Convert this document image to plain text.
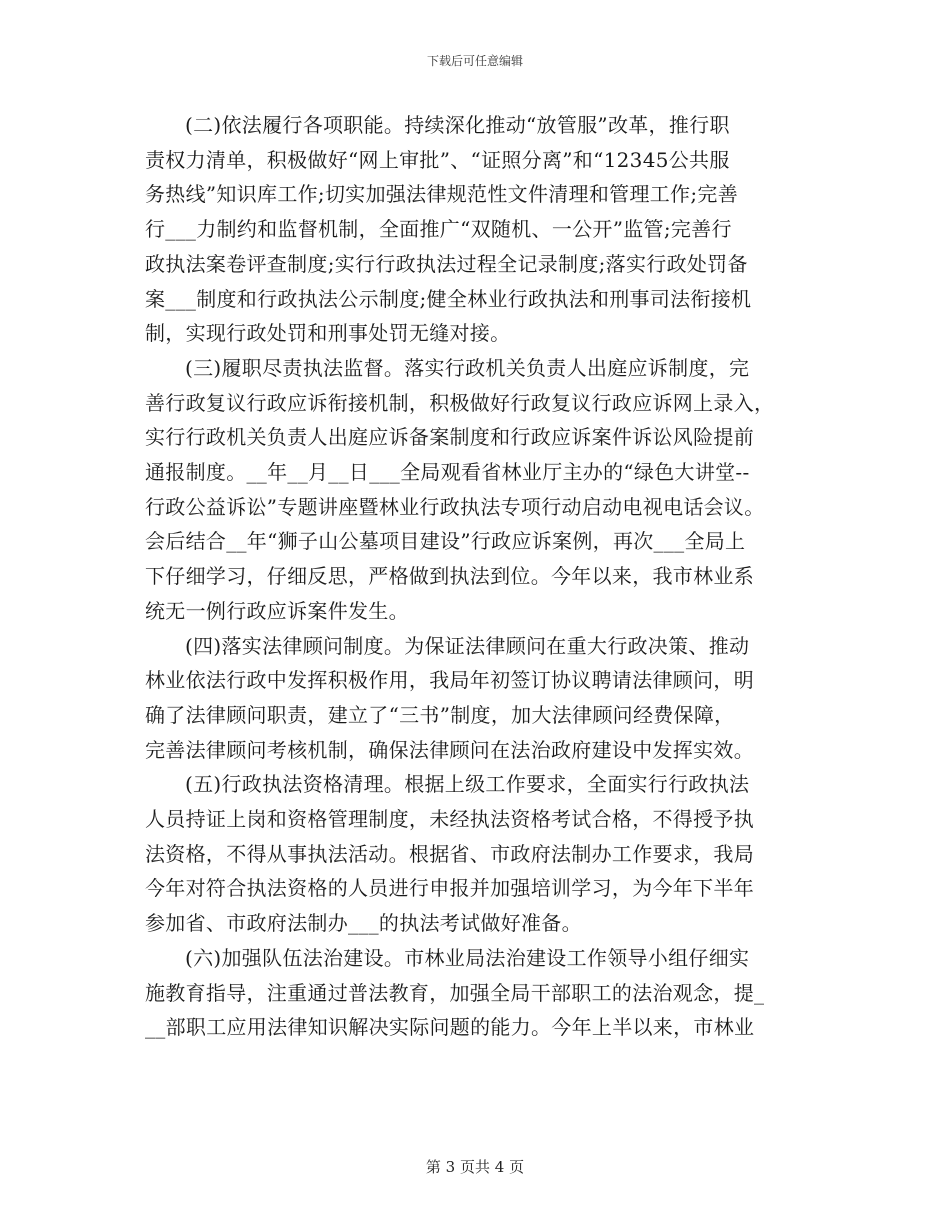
下载后可任意编辑
(二)依法履行各项职能。持续深化推动“放管服”改革，推行职
责权力清单，积极做好“网上审批”、“证照分离”和“12345公共服
务热线”知识库工作;切实加强法律规范性文件清理和管理工作;完善
行___力制约和监督机制，全面推广“双随机、一公开”监管;完善行
政执法案卷评查制度;实行行政执法过程全记录制度;落实行政处罚备
案___制度和行政执法公示制度;健全林业行政执法和刑事司法衔接机
制，实现行政处罚和刑事处罚无缝对接。
(三)履职尽责执法监督。落实行政机关负责人出庭应诉制度，完
善行政复议行政应诉衔接机制，积极做好行政复议行政应诉网上录入，
实行行政机关负责人出庭应诉备案制度和行政应诉案件诉讼风险提前
通报制度。__年__月__日___全局观看省林业厅主办的“绿色大讲堂--
行政公益诉讼”专题讲座暨林业行政执法专项行动启动电视电话会议。
会后结合__年“狮子山公墓项目建设”行政应诉案例，再次___全局上
下仔细学习，仔细反思，严格做到执法到位。今年以来，我市林业系
统无一例行政应诉案件发生。
(四)落实法律顾问制度。为保证法律顾问在重大行政决策、推动
林业依法行政中发挥积极作用，我局年初签订协议聘请法律顾问，明
确了法律顾问职责，建立了“三书”制度，加大法律顾问经费保障，
完善法律顾问考核机制，确保法律顾问在法治政府建设中发挥实效。
(五)行政执法资格清理。根据上级工作要求，全面实行行政执法
人员持证上岗和资格管理制度，未经执法资格考试合格，不得授予执
法资格，不得从事执法活动。根据省、市政府法制办工作要求，我局
今年对符合执法资格的人员进行申报并加强培训学习，为今年下半年
参加省、市政府法制办___的执法考试做好准备。
(六)加强队伍法治建设。市林业局法治建设工作领导小组仔细实
施教育指导，注重通过普法教育，加强全局干部职工的法治观念，提_
__部职工应用法律知识解决实际问题的能力。今年上半以来，市林业
第 3 页共 4 页
